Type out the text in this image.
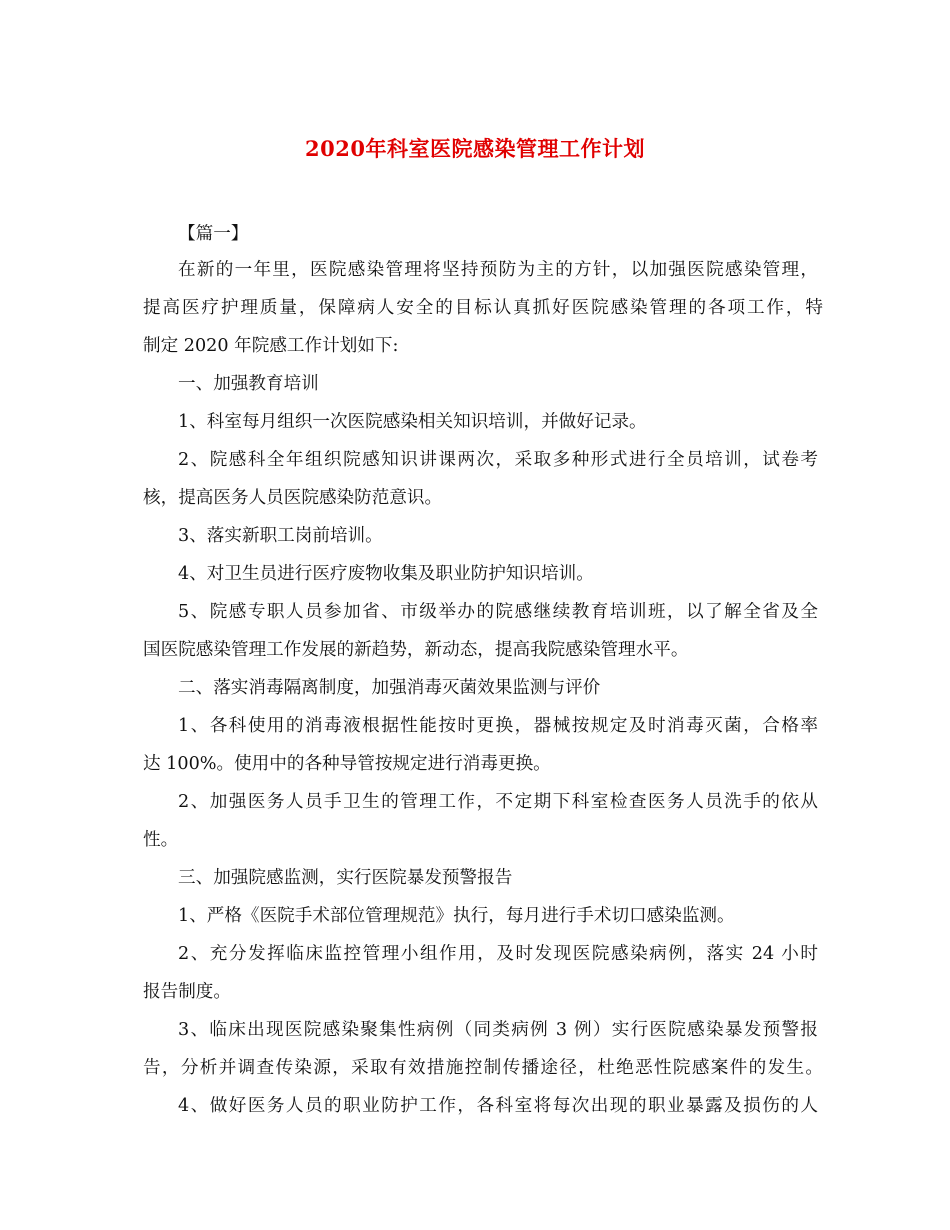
2020年科室医院感染管理工作计划
【篇一】
在新的一年里，医院感染管理将坚持预防为主的方针，以加强医院感染管理，
提高医疗护理质量，保障病人安全的目标认真抓好医院感染管理的各项工作，特
制定 2020 年院感工作计划如下:
一、加强教育培训
1、科室每月组织一次医院感染相关知识培训，并做好记录。
2、院感科全年组织院感知识讲课两次，采取多种形式进行全员培训，试卷考
核，提高医务人员医院感染防范意识。
3、落实新职工岗前培训。
4、对卫生员进行医疗废物收集及职业防护知识培训。
5、院感专职人员参加省、市级举办的院感继续教育培训班，以了解全省及全
国医院感染管理工作发展的新趋势，新动态，提高我院感染管理水平。
二、落实消毒隔离制度，加强消毒灭菌效果监测与评价
1、各科使用的消毒液根据性能按时更换，器械按规定及时消毒灭菌，合格率
达 100%。使用中的各种导管按规定进行消毒更换。
2、加强医务人员手卫生的管理工作，不定期下科室检查医务人员洗手的依从
性。
三、加强院感监测，实行医院暴发预警报告
1、严格《医院手术部位管理规范》执行，每月进行手术切口感染监测。
2、充分发挥临床监控管理小组作用，及时发现医院感染病例，落实 24 小时
报告制度。
3、临床出现医院感染聚集性病例（同类病例 3 例）实行医院感染暴发预警报
告，分析并调查传染源，采取有效措施控制传播途径，杜绝恶性院感案件的发生。
4、做好医务人员的职业防护工作，各科室将每次出现的职业暴露及损伤的人
